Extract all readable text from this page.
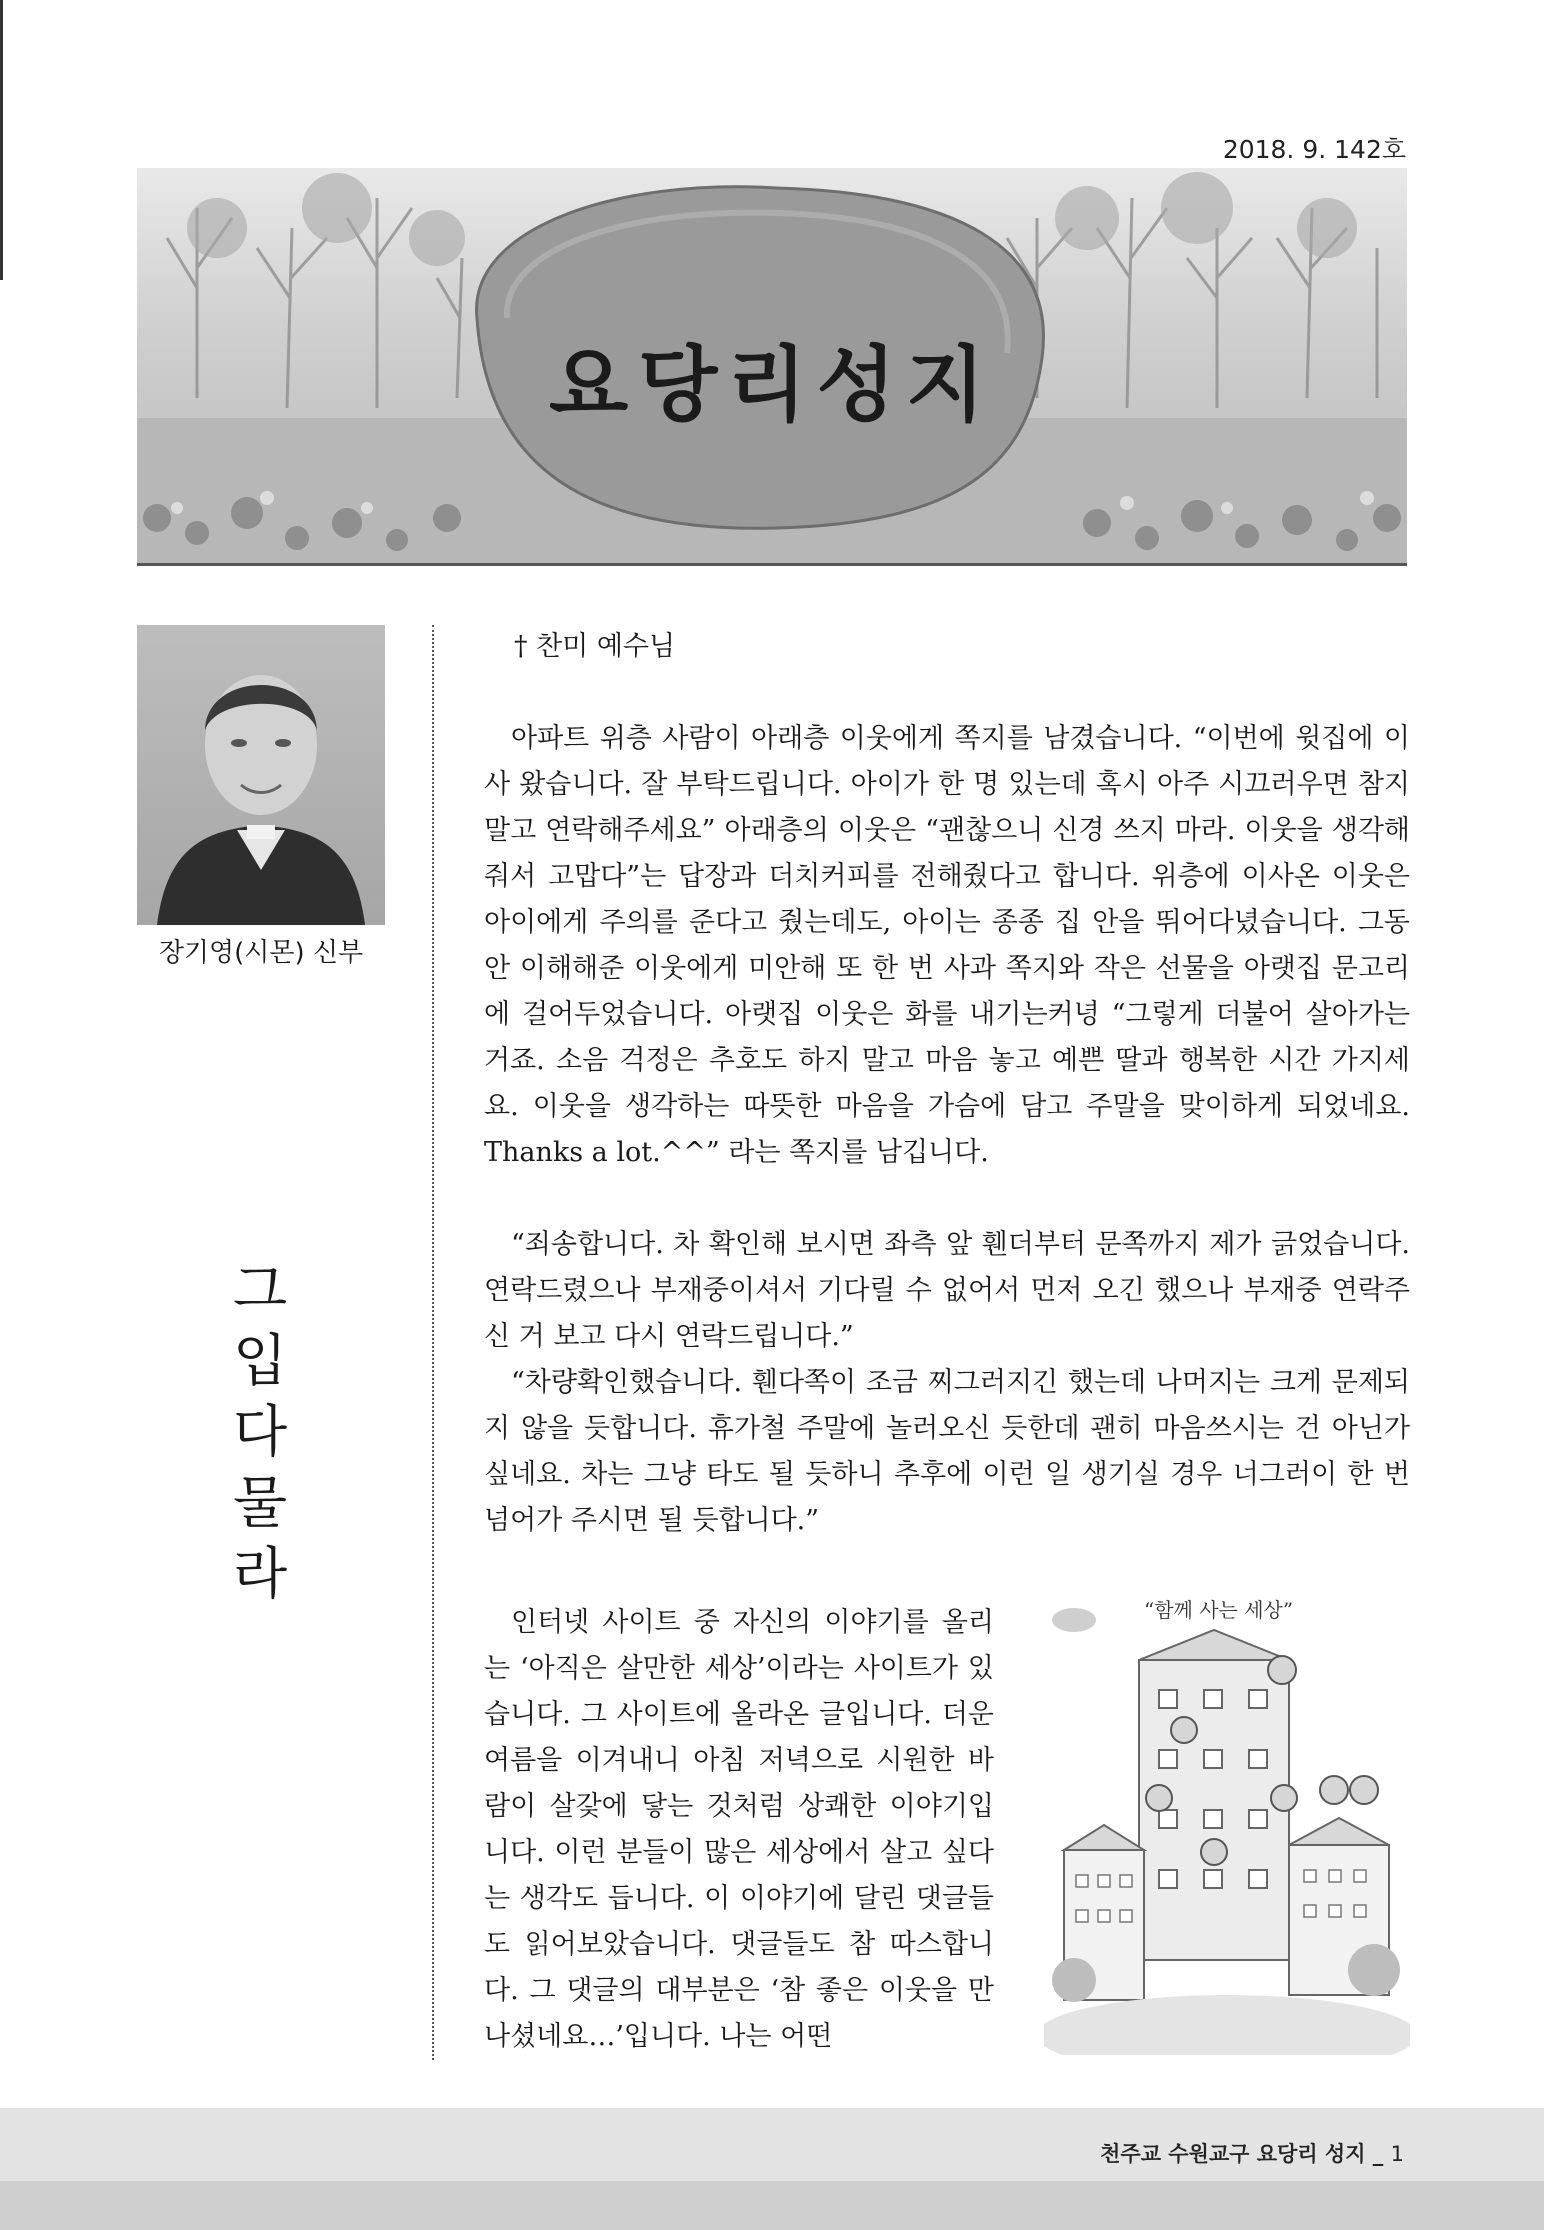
2018. 9. 142호
요당리성지
장기영(시몬) 신부
그
입
다
물
라

† 찬미 예수님

아파트 위층 사람이 아래층 이웃에게 쪽지를 남겼습니다. “이번에 윗집에 이사 왔습니다. 잘 부탁드립니다. 아이가 한 명 있는데 혹시 아주 시끄러우면 참지 말고 연락해주세요” 아래층의 이웃은 “괜찮으니 신경 쓰지 마라. 이웃을 생각해줘서 고맙다”는 답장과 더치커피를 전해줬다고 합니다. 위층에 이사온 이웃은 아이에게 주의를 준다고 줬는데도, 아이는 종종 집 안을 뛰어다녔습니다. 그동안 이해해준 이웃에게 미안해 또 한 번 사과 쪽지와 작은 선물을 아랫집 문고리에 걸어두었습니다. 아랫집 이웃은 화를 내기는커녕 “그렇게 더불어 살아가는 거죠. 소음 걱정은 추호도 하지 말고 마음 놓고 예쁜 딸과 행복한 시간 가지세요. 이웃을 생각하는 따뜻한 마음을 가슴에 담고 주말을 맞이하게 되었네요. Thanks a lot.^^” 라는 쪽지를 남깁니다.

“죄송합니다. 차 확인해 보시면 좌측 앞 휀더부터 문쪽까지 제가 긁었습니다. 연락드렸으나 부재중이셔서 기다릴 수 없어서 먼저 오긴 했으나 부재중 연락주신 거 보고 다시 연락드립니다.”

“차량확인했습니다. 휀다쪽이 조금 찌그러지긴 했는데 나머지는 크게 문제되지 않을 듯합니다. 휴가철 주말에 놀러오신 듯한데 괜히 마음쓰시는 건 아닌가 싶네요. 차는 그냥 타도 될 듯하니 추후에 이런 일 생기실 경우 너그러이 한 번 넘어가 주시면 될 듯합니다.”

인터넷 사이트 중 자신의 이야기를 올리는 ‘아직은 살만한 세상’이라는 사이트가 있습니다. 그 사이트에 올라온 글입니다. 더운 여름을 이겨내니 아침 저녁으로 시원한 바람이 살갗에 닿는 것처럼 상쾌한 이야기입니다. 이런 분들이 많은 세상에서 살고 싶다는 생각도 듭니다. 이 이야기에 달린 댓글들도 읽어보았습니다. 댓글들도 참 따스합니다. 그 댓글의 대부분은 ‘참 좋은 이웃을 만나셨네요…’입니다. 나는 어떤

“함께 사는 세상”
천주교 수원교구 요당리 성지 _ 1
